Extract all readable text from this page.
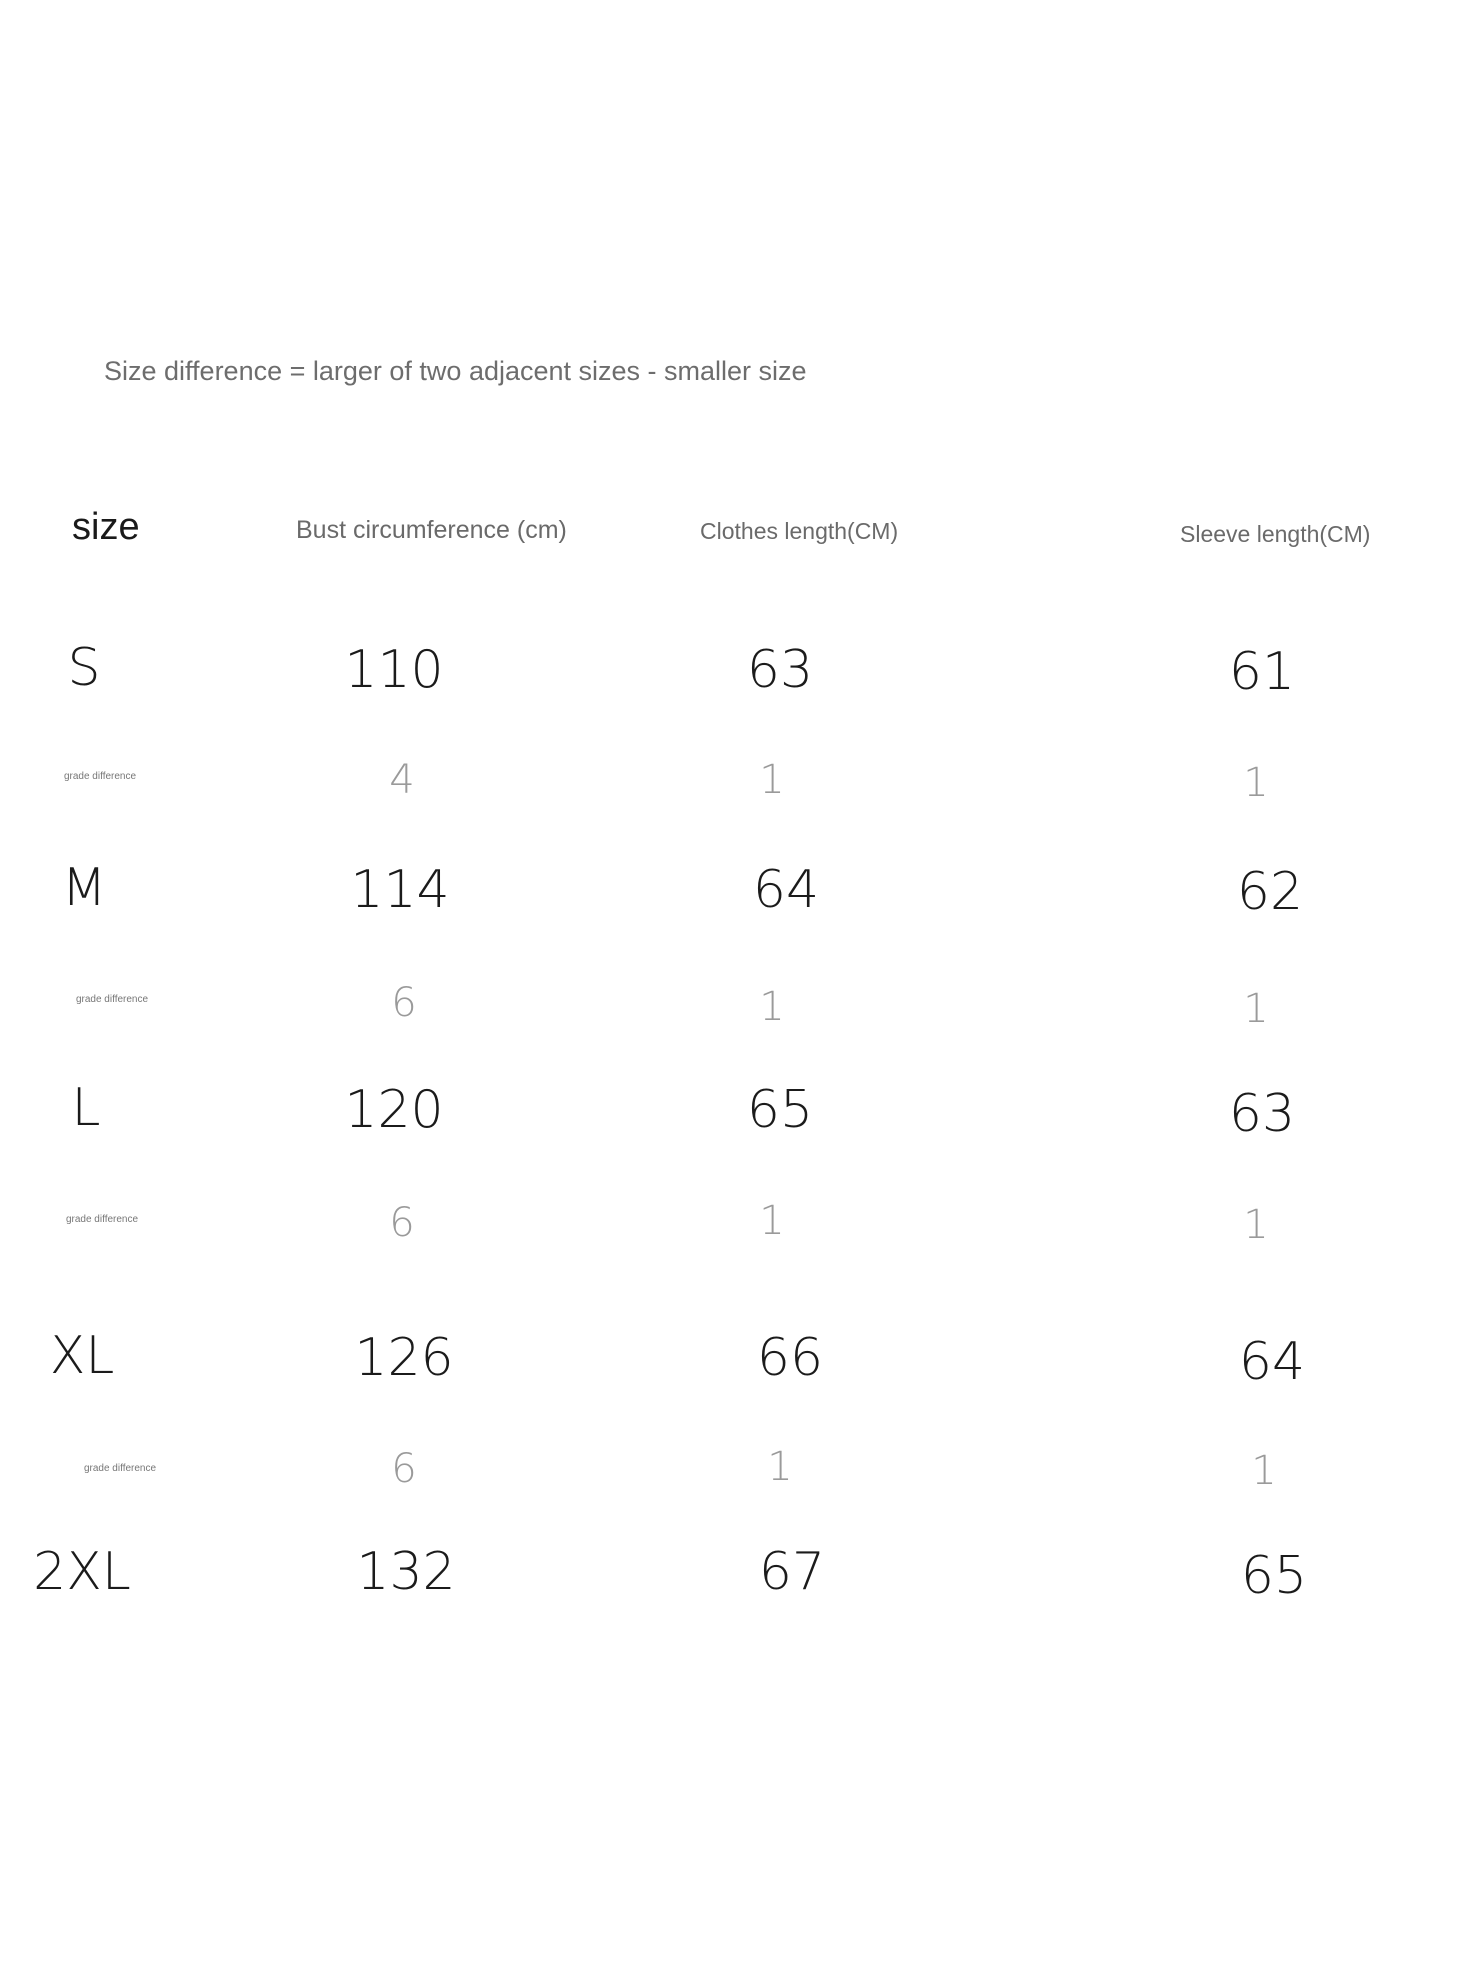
Size difference = larger of two adjacent sizes - smaller size
size	Bust circumference (cm)	Clothes length(CM)	Sleeve length(CM)
S	110	63	61
grade difference	4	1	1
M	114	64	62
grade difference	6	1	1
L	120	65	63
grade difference	6	1	1
XL	126	66	64
grade difference	6	1	1
2XL	132	67	65
